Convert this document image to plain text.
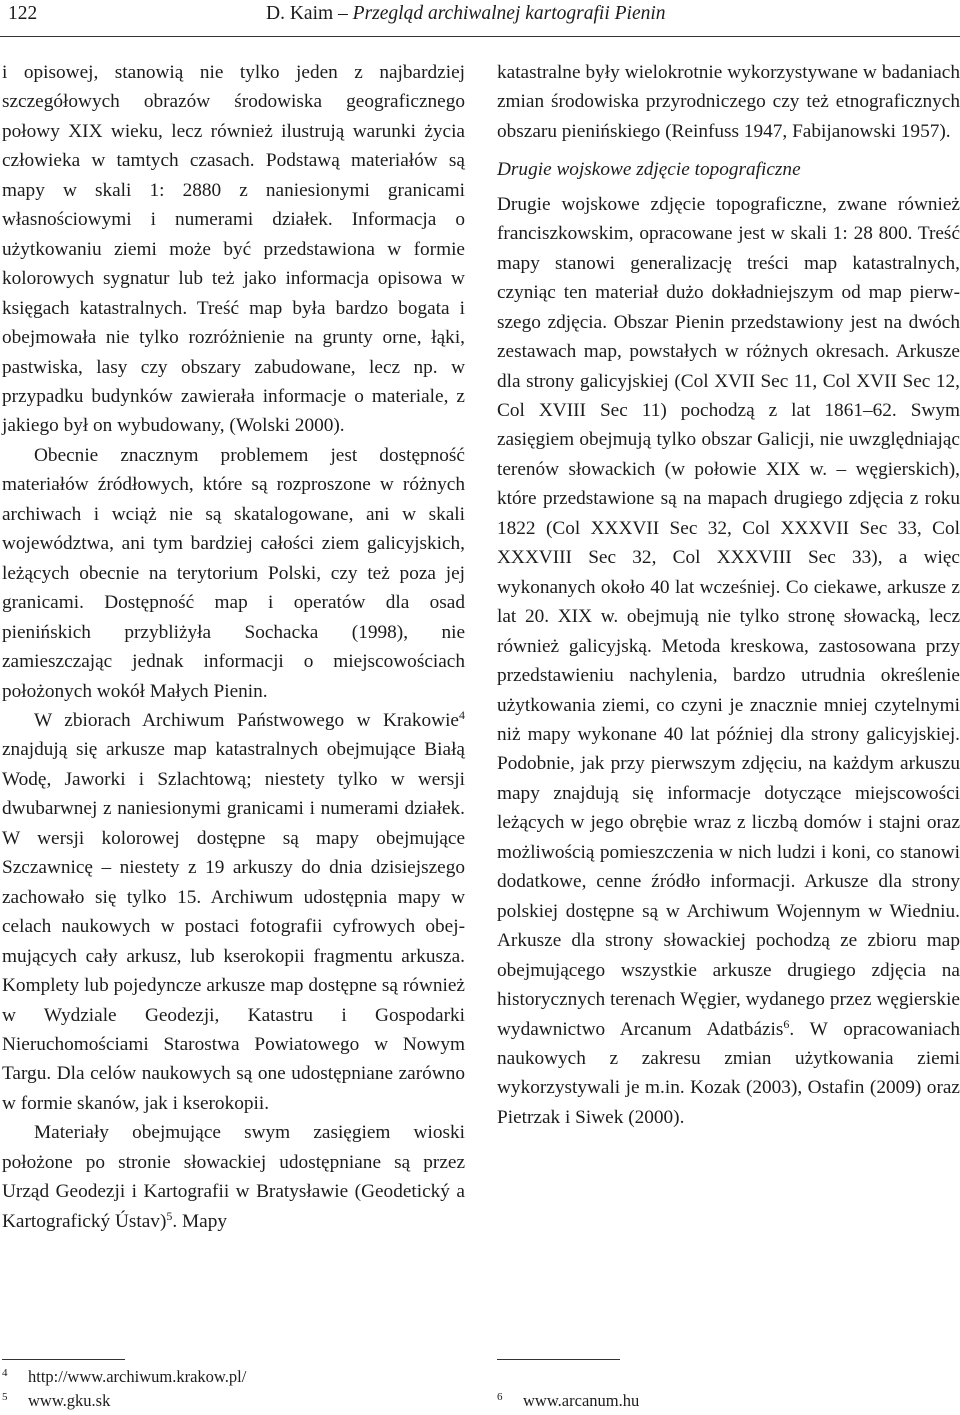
122	D. Kaim – Przegląd archiwalnej kartografii Pienin

i opisowej, stanowią nie tylko jeden z najbardziej szczegółowych obrazów środowiska geograficznego połowy XIX wieku, lecz również ilustrują warunki życia człowieka w tamtych czasach. Podstawą materiałów są mapy w skali 1: 2880 z naniesionymi granicami własnościowymi i numerami działek. Informacja o użytkowaniu ziemi może być przedstawiona w formie kolorowych sygnatur lub też jako informacja opisowa w księgach katastralnych. Treść map była bardzo bogata i obejmowała nie tylko rozróżnienie na grunty orne, łąki, pastwiska, lasy czy obszary zabudowane, lecz np. w przypadku budynków zawierała informacje o materiale, z jakiego był on wybudowany, (Wolski 2000).

Obecnie znacznym problemem jest dostępność materiałów źródłowych, które są rozproszone w różnych archiwach i wciąż nie są skatalogowane, ani w skali województwa, ani tym bardziej całości ziem galicyjskich, leżących obecnie na terytorium Polski, czy też poza jej granicami. Dostępność map i operatów dla osad pienińskich przybliżyła Sochacka (1998), nie zamieszczając jednak informacji o miejscowościach położonych wokół Małych Pienin.

W zbiorach Archiwum Państwowego w Krakowie$^4$ znajdują się arkusze map katastralnych obejmujące Białą Wodę, Jaworki i Szlachtową; niestety tylko w wersji dwubarwnej z naniesionymi granicami i numerami działek. W wersji kolorowej dostępne są mapy obejmujące Szczawnicę – niestety z 19 arkuszy do dnia dzisiejszego zachowało się tylko 15. Archiwum udostępnia mapy w celach naukowych w postaci fotografii cyfrowych obejmujących cały arkusz, lub kserokopii fragmentu arkusza. Komplety lub pojedyncze arkusze map dostępne są również w Wydziale Geodezji, Katastru i Gospodarki Nieruchomościami Starostwa Powiatowego w Nowym Targu. Dla celów naukowych są one udostępniane zarówno w formie skanów, jak i kserokopii.

Materiały obejmujące swym zasięgiem wioski położone po stronie słowackiej udostępniane są przez Urząd Geodezji i Kartografii w Bratysławie (Geodetický a Kartografický Ústav)$^5$. Mapy

katastralne były wielokrotnie wykorzystywane w badaniach zmian środowiska przyrodniczego czy też etnograficznych obszaru pienińskiego (Reinfuss 1947, Fabijanowski 1957).

Drugie wojskowe zdjęcie topograficzne

Drugie wojskowe zdjęcie topograficzne, zwane również franciszkowskim, opracowane jest w skali 1: 28 800. Treść mapy stanowi generalizację treści map katastralnych, czyniąc ten materiał dużo dokładniejszym od map pierwszego zdjęcia. Obszar Pienin przedstawiony jest na dwóch zestawach map, powstałych w różnych okresach. Arkusze dla strony galicyjskiej (Col XVII Sec 11, Col XVII Sec 12, Col XVIII Sec 11) pochodzą z lat 1861–62. Swym zasięgiem obejmują tylko obszar Galicji, nie uwzględniając terenów słowackich (w połowie XIX w. – węgierskich), które przedstawione są na mapach drugiego zdjęcia z roku 1822 (Col XXXVII Sec 32, Col XXXVII Sec 33, Col XXXVIII Sec 32, Col XXXVIII Sec 33), a więc wykonanych około 40 lat wcześniej. Co ciekawe, arkusze z lat 20. XIX w. obejmują nie tylko stronę słowacką, lecz również galicyjską. Metoda kreskowa, zastosowana przy przedstawieniu nachylenia, bardzo utrudnia określenie użytkowania ziemi, co czyni je znacznie mniej czytelnymi niż mapy wykonane 40 lat później dla strony galicyjskiej. Podobnie, jak przy pierwszym zdjęciu, na każdym arkuszu mapy znajdują się informacje dotyczące miejscowości leżących w jego obrębie wraz z liczbą domów i stajni oraz możliwością pomieszczenia w nich ludzi i koni, co stanowi dodatkowe, cenne źródło informacji. Arkusze dla strony polskiej dostępne są w Archiwum Wojennym w Wiedniu. Arkusze dla strony słowackiej pochodzą ze zbioru map obejmującego wszystkie arkusze drugiego zdjęcia na historycznych terenach Węgier, wydanego przez węgierskie wydawnictwo Arcanum Adatbázis$^6$. W opracowaniach naukowych z zakresu zmian użytkowania ziemi wykorzystywali je m.in. Kozak (2003), Ostafin (2009) oraz Pietrzak i Siwek (2000).

$^4$ http://www.archiwum.krakow.pl/
$^5$ www.gku.sk	$^6$ www.arcanum.hu
